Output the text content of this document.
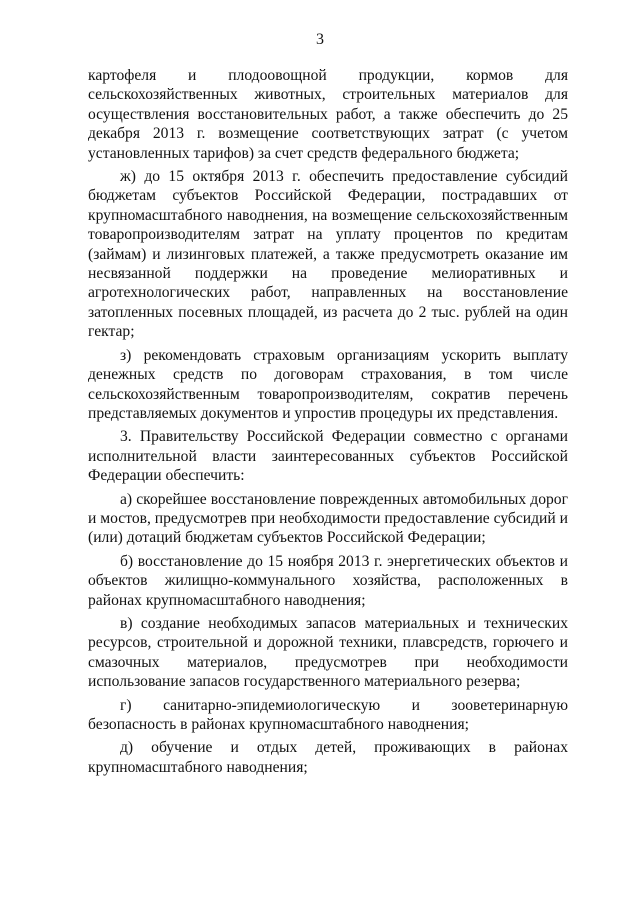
3

картофеля и плодоовощной продукции, кормов для сельскохозяйственных животных, строительных материалов для осуществления восстановительных работ, а также обеспечить до 25 декабря 2013 г. возмещение соответствующих затрат (с учетом установленных тарифов) за счет средств федерального бюджета;

ж) до 15 октября 2013 г. обеспечить предоставление субсидий бюджетам субъектов Российской Федерации, пострадавших от крупномасштабного наводнения, на возмещение сельскохозяйственным товаропроизводителям затрат на уплату процентов по кредитам (займам) и лизинговых платежей, а также предусмотреть оказание им несвязанной поддержки на проведение мелиоративных и агротехнологических работ, направленных на восстановление затопленных посевных площадей, из расчета до 2 тыс. рублей на один гектар;

з) рекомендовать страховым организациям ускорить выплату денежных средств по договорам страхования, в том числе сельскохозяйственным товаропроизводителям, сократив перечень представляемых документов и упростив процедуры их представления.

3. Правительству Российской Федерации совместно с органами исполнительной власти заинтересованных субъектов Российской Федерации обеспечить:

а) скорейшее восстановление поврежденных автомобильных дорог и мостов, предусмотрев при необходимости предоставление субсидий и (или) дотаций бюджетам субъектов Российской Федерации;

б) восстановление до 15 ноября 2013 г. энергетических объектов и объектов жилищно-коммунального хозяйства, расположенных в районах крупномасштабного наводнения;

в) создание необходимых запасов материальных и технических ресурсов, строительной и дорожной техники, плавсредств, горючего и смазочных материалов, предусмотрев при необходимости использование запасов государственного материального резерва;

г) санитарно-эпидемиологическую и зооветеринарную безопасность в районах крупномасштабного наводнения;

д) обучение и отдых детей, проживающих в районах крупномасштабного наводнения;
